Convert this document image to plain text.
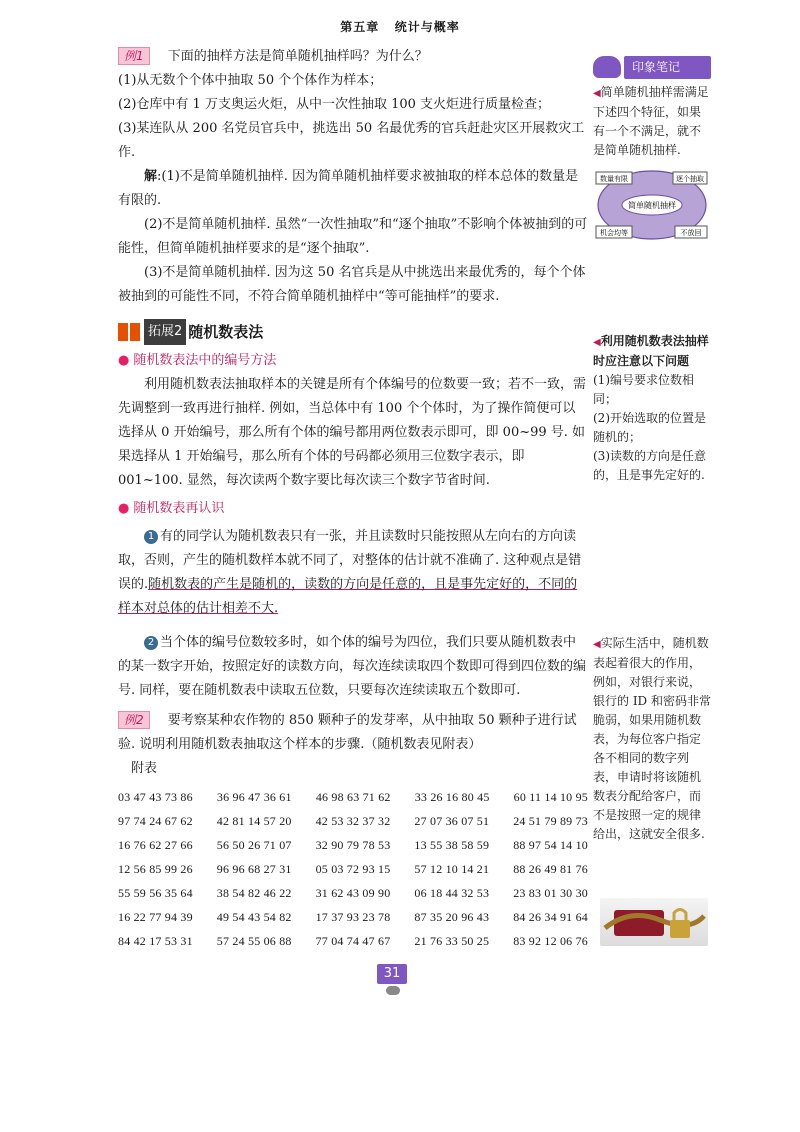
第五章 统计与概率

例1 下面的抽样方法是简单随机抽样吗？为什么？

(1)从无数个个体中抽取 50 个个体作为样本；

(2)仓库中有 1 万支奥运火炬，从中一次性抽取 100 支火炬进行质量检查；

(3)某连队从 200 名党员官兵中，挑选出 50 名最优秀的官兵赶赴灾区开展救灾工作.

解:(1)不是简单随机抽样. 因为简单随机抽样要求被抽取的样本总体的数量是有限的.

(2)不是简单随机抽样. 虽然“一次性抽取”和“逐个抽取”不影响个体被抽到的可能性，但简单随机抽样要求的是“逐个抽取”.

(3)不是简单随机抽样. 因为这 50 名官兵是从中挑选出来最优秀的，每个个体被抽到的可能性不同，不符合简单随机抽样中“等可能抽样”的要求.

拓展2 随机数表法
● 随机数表法中的编号方法

利用随机数表法抽取样本的关键是所有个体编号的位数要一致；若不一致，需先调整到一致再进行抽样. 例如，当总体中有 100 个个体时，为了操作简便可以选择从 0 开始编号，那么所有个体的编号都用两位数表示即可，即 00~99 号. 如果选择从 1 开始编号，那么所有个体的号码都必须用三位数字表示，即 001~100. 显然，每次读两个数字要比每次读三个数字节省时间.

● 随机数表再认识

1 有的同学认为随机数表只有一张，并且读数时只能按照从左向右的方向读取，否则，产生的随机数样本就不同了，对整体的估计就不准确了. 这种观点是错误的.随机数表的产生是随机的，读数的方向是任意的，且是事先定好的，不同的样本对总体的估计相差不大.

2 当个体的编号位数较多时，如个体的编号为四位，我们只要从随机数表中的某一数字开始，按照定好的读数方向，每次连续读取四个数即可得到四位数的编号. 同样，要在随机数表中读取五位数，只要每次连续读取五个数即可.

例2 要考察某种农作物的 850 颗种子的发芽率，从中抽取 50 颗种子进行试验. 说明利用随机数表抽取这个样本的步骤.（随机数表见附表）

附表

03 47 43 73 86 36 96 47 36 61 46 98 63 71 62 33 26 16 80 45 60 11 14 10 95
97 74 24 67 62 42 81 14 57 20 42 53 32 37 32 27 07 36 07 51 24 51 79 89 73
16 76 62 27 66 56 50 26 71 07 32 90 79 78 53 13 55 38 58 59 88 97 54 14 10
12 56 85 99 26 96 96 68 27 31 05 03 72 93 15 57 12 10 14 21 88 26 49 81 76
55 59 56 35 64 38 54 82 46 22 31 62 43 09 90 06 18 44 32 53 23 83 01 30 30
16 22 77 94 39 49 54 43 54 82 17 37 93 23 78 87 35 20 96 43 84 26 34 91 64
84 42 17 53 31 57 24 55 06 88 77 04 74 47 67 21 76 33 50 25 83 92 12 06 76
印象笔记

◀简单随机抽样需满足下述四个特征，如果有一个不满足，就不是简单随机抽样.

简单随机抽样
数量有限	逐个抽取
机会均等	不放回

◀利用随机数表法抽样时应注意以下问题

(1)编号要求位数相同；

(2)开始选取的位置是随机的；

(3)读数的方向是任意的，且是事先定好的.

◀实际生活中，随机数表起着很大的作用，例如，对银行来说，银行的 ID 和密码非常脆弱，如果用随机数表，为每位客户指定各不相同的数字列表，申请时将该随机数表分配给客户，而不是按照一定的规律给出，这就安全很多.

31
